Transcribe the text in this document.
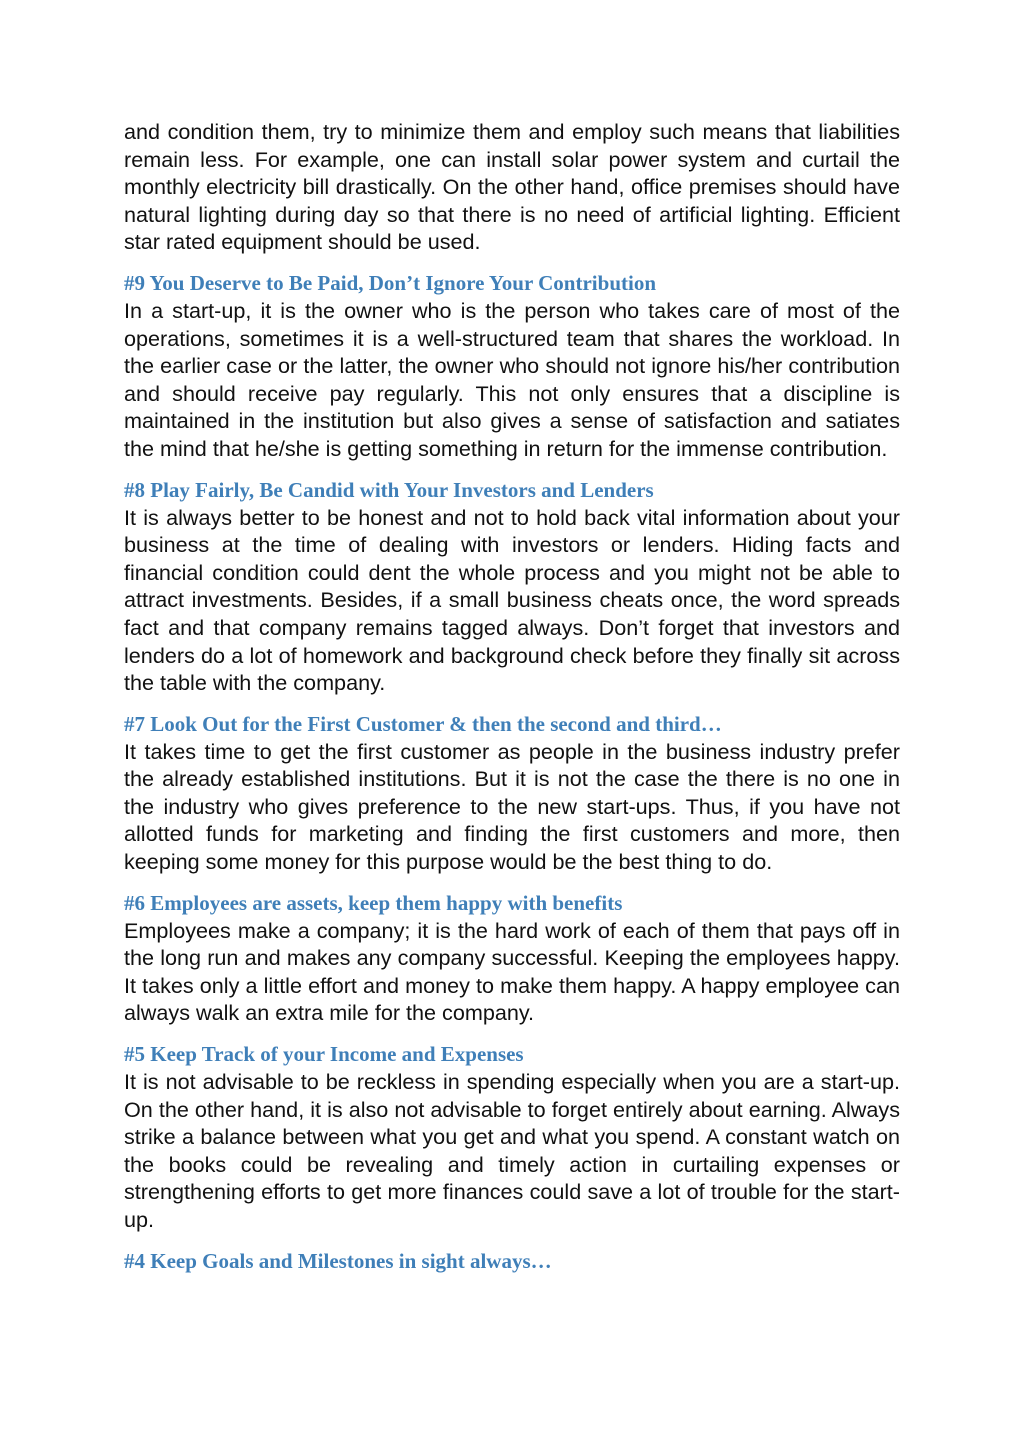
and condition them, try to minimize them and employ such means that liabilities remain less. For example, one can install solar power system and curtail the monthly electricity bill drastically. On the other hand, office premises should have natural lighting during day so that there is no need of artificial lighting. Efficient star rated equipment should be used.

#9 You Deserve to Be Paid, Don’t Ignore Your Contribution

In a start-up, it is the owner who is the person who takes care of most of the operations, sometimes it is a well-structured team that shares the workload. In the earlier case or the latter, the owner who should not ignore his/her contribution and should receive pay regularly. This not only ensures that a discipline is maintained in the institution but also gives a sense of satisfaction and satiates the mind that he/she is getting something in return for the immense contribution.

#8 Play Fairly, Be Candid with Your Investors and Lenders

It is always better to be honest and not to hold back vital information about your business at the time of dealing with investors or lenders. Hiding facts and financial condition could dent the whole process and you might not be able to attract investments. Besides, if a small business cheats once, the word spreads fact and that company remains tagged always. Don’t forget that investors and lenders do a lot of homework and background check before they finally sit across the table with the company.

#7 Look Out for the First Customer & then the second and third…

It takes time to get the first customer as people in the business industry prefer the already established institutions. But it is not the case the there is no one in the industry who gives preference to the new start-ups. Thus, if you have not allotted funds for marketing and finding the first customers and more, then keeping some money for this purpose would be the best thing to do.

#6 Employees are assets, keep them happy with benefits

Employees make a company; it is the hard work of each of them that pays off in the long run and makes any company successful. Keeping the employees happy. It takes only a little effort and money to make them happy. A happy employee can always walk an extra mile for the company.

#5 Keep Track of your Income and Expenses

It is not advisable to be reckless in spending especially when you are a start-up. On the other hand, it is also not advisable to forget entirely about earning. Always strike a balance between what you get and what you spend. A constant watch on the books could be revealing and timely action in curtailing expenses or strengthening efforts to get more finances could save a lot of trouble for the start-up.

#4 Keep Goals and Milestones in sight always…
